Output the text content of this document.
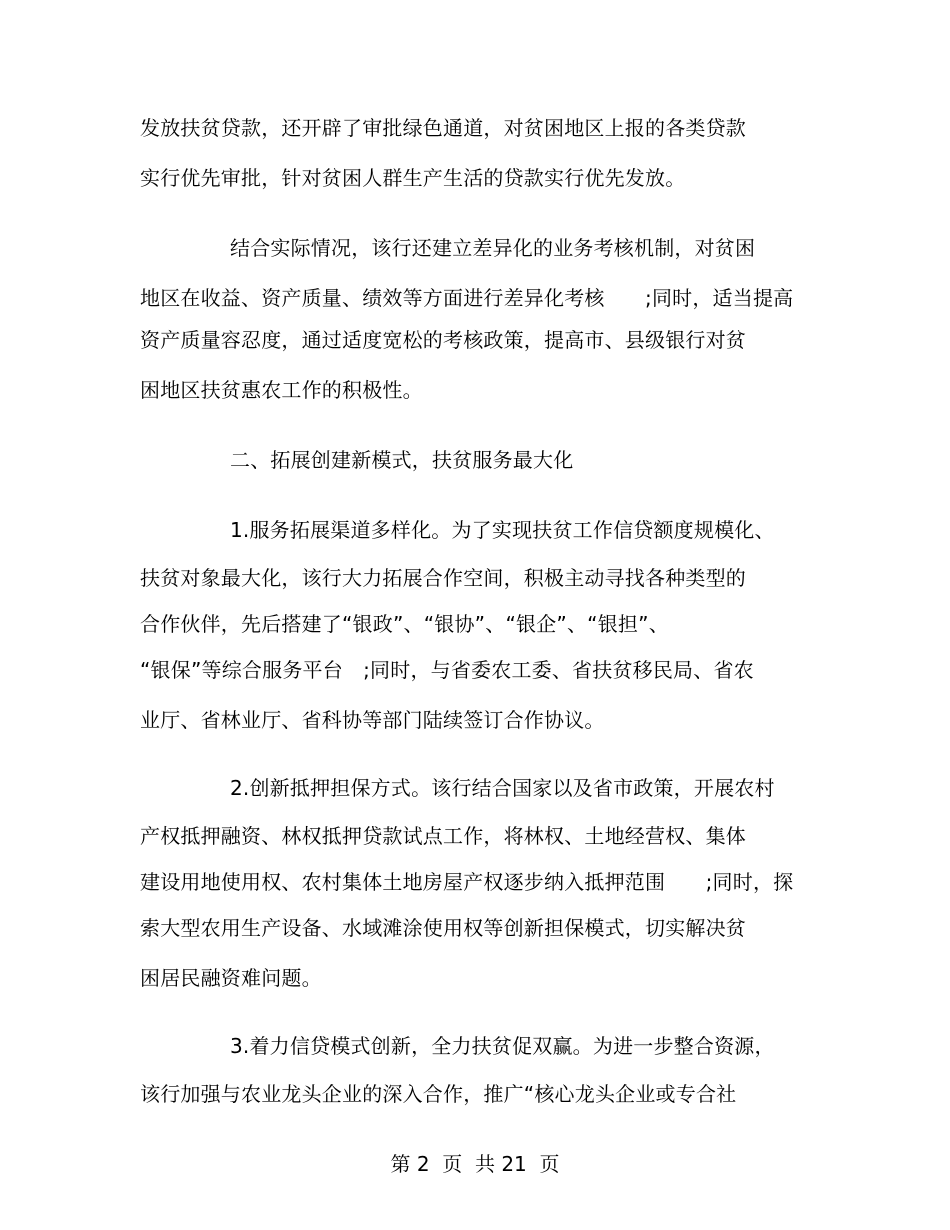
发放扶贫贷款，还开辟了审批绿色通道，对贫困地区上报的各类贷款
实行优先审批，针对贫困人群生产生活的贷款实行优先发放。
结合实际情况，该行还建立差异化的业务考核机制，对贫困
地区在收益、资产质量、绩效等方面进行差异化考核　　;同时，适当提高
资产质量容忍度，通过适度宽松的考核政策，提高市、县级银行对贫
困地区扶贫惠农工作的积极性。
二、拓展创建新模式，扶贫服务最大化
1.服务拓展渠道多样化。为了实现扶贫工作信贷额度规模化、
扶贫对象最大化，该行大力拓展合作空间，积极主动寻找各种类型的
合作伙伴，先后搭建了“银政”、“银协”、“银企”、“银担”、
“银保”等综合服务平台　;同时，与省委农工委、省扶贫移民局、省农
业厅、省林业厅、省科协等部门陆续签订合作协议。
2.创新抵押担保方式。该行结合国家以及省市政策，开展农村
产权抵押融资、林权抵押贷款试点工作，将林权、土地经营权、集体
建设用地使用权、农村集体土地房屋产权逐步纳入抵押范围　　;同时，探
索大型农用生产设备、水域滩涂使用权等创新担保模式，切实解决贫
困居民融资难问题。
3.着力信贷模式创新，全力扶贫促双赢。为进一步整合资源，
该行加强与农业龙头企业的深入合作，推广“核心龙头企业或专合社
第 2  页  共 21  页
